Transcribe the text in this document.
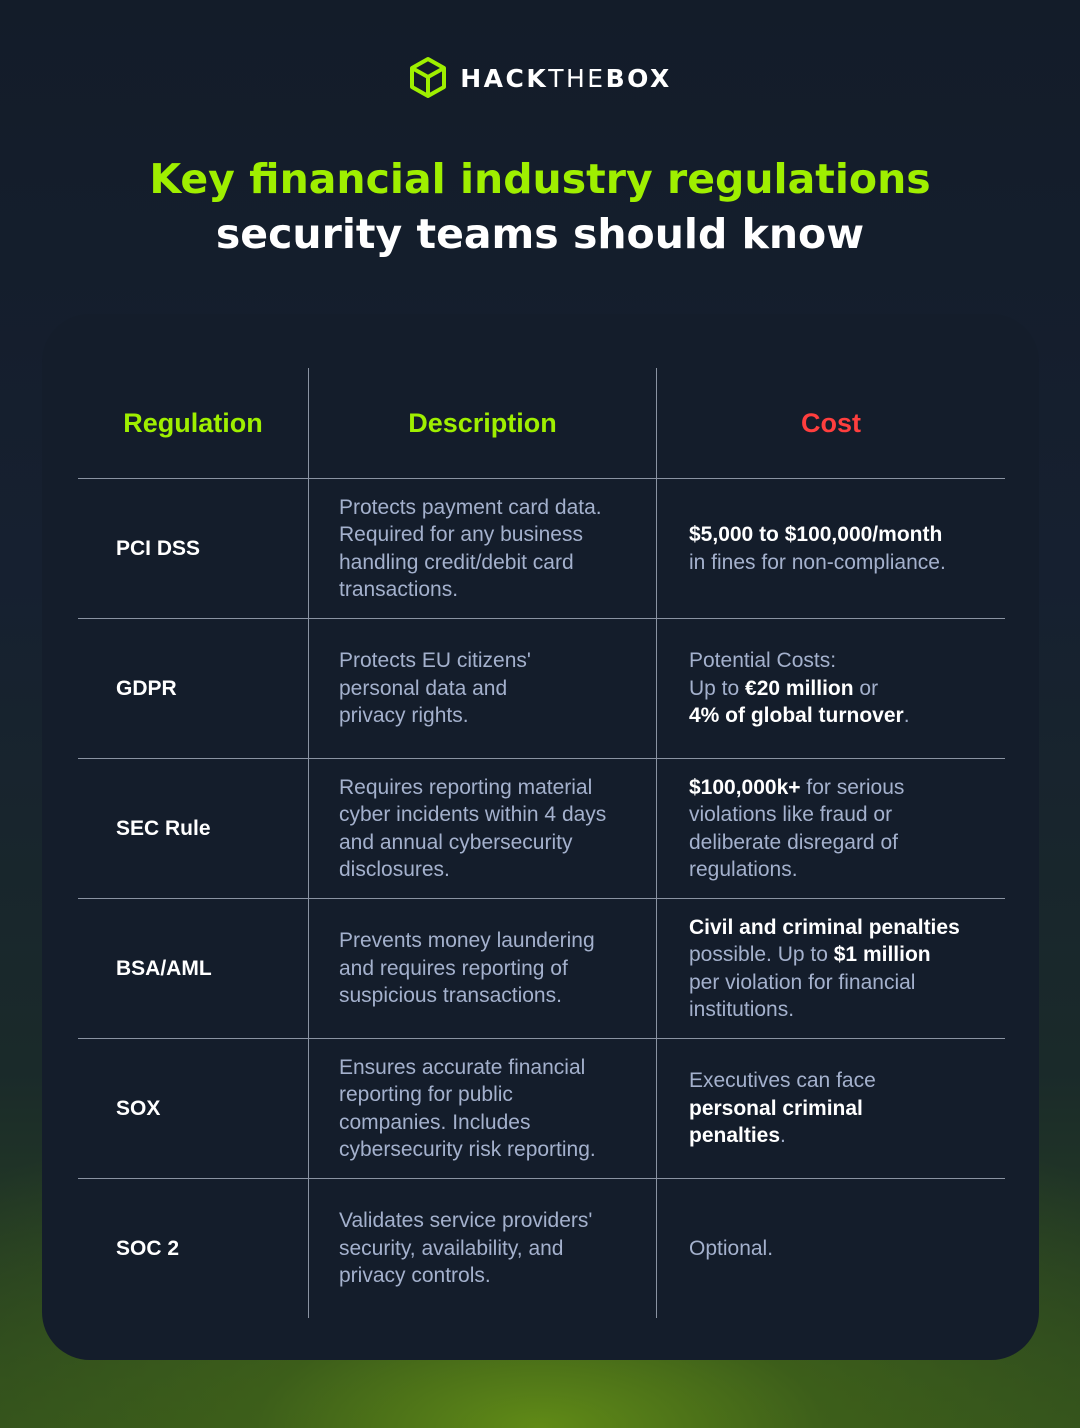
HACKTHEBOX
Key financial industry regulations
security teams should know
Regulation	Description	Cost
PCI DSS
Protects payment card data.
Required for any business
handling credit/debit card
transactions.
$5,000 to $100,000/month
in fines for non-compliance.
GDPR
Protects EU citizens'
personal data and
privacy rights.
Potential Costs:
Up to €20 million or
4% of global turnover.
SEC Rule
Requires reporting material
cyber incidents within 4 days
and annual cybersecurity
disclosures.
$100,000k+ for serious
violations like fraud or
deliberate disregard of
regulations.
BSA/AML
Prevents money laundering
and requires reporting of
suspicious transactions.
Civil and criminal penalties
possible. Up to $1 million
per violation for financial
institutions.
SOX
Ensures accurate financial
reporting for public
companies. Includes
cybersecurity risk reporting.
Executives can face
personal criminal
penalties.
SOC 2
Validates service providers'
security, availability, and
privacy controls.
Optional.
